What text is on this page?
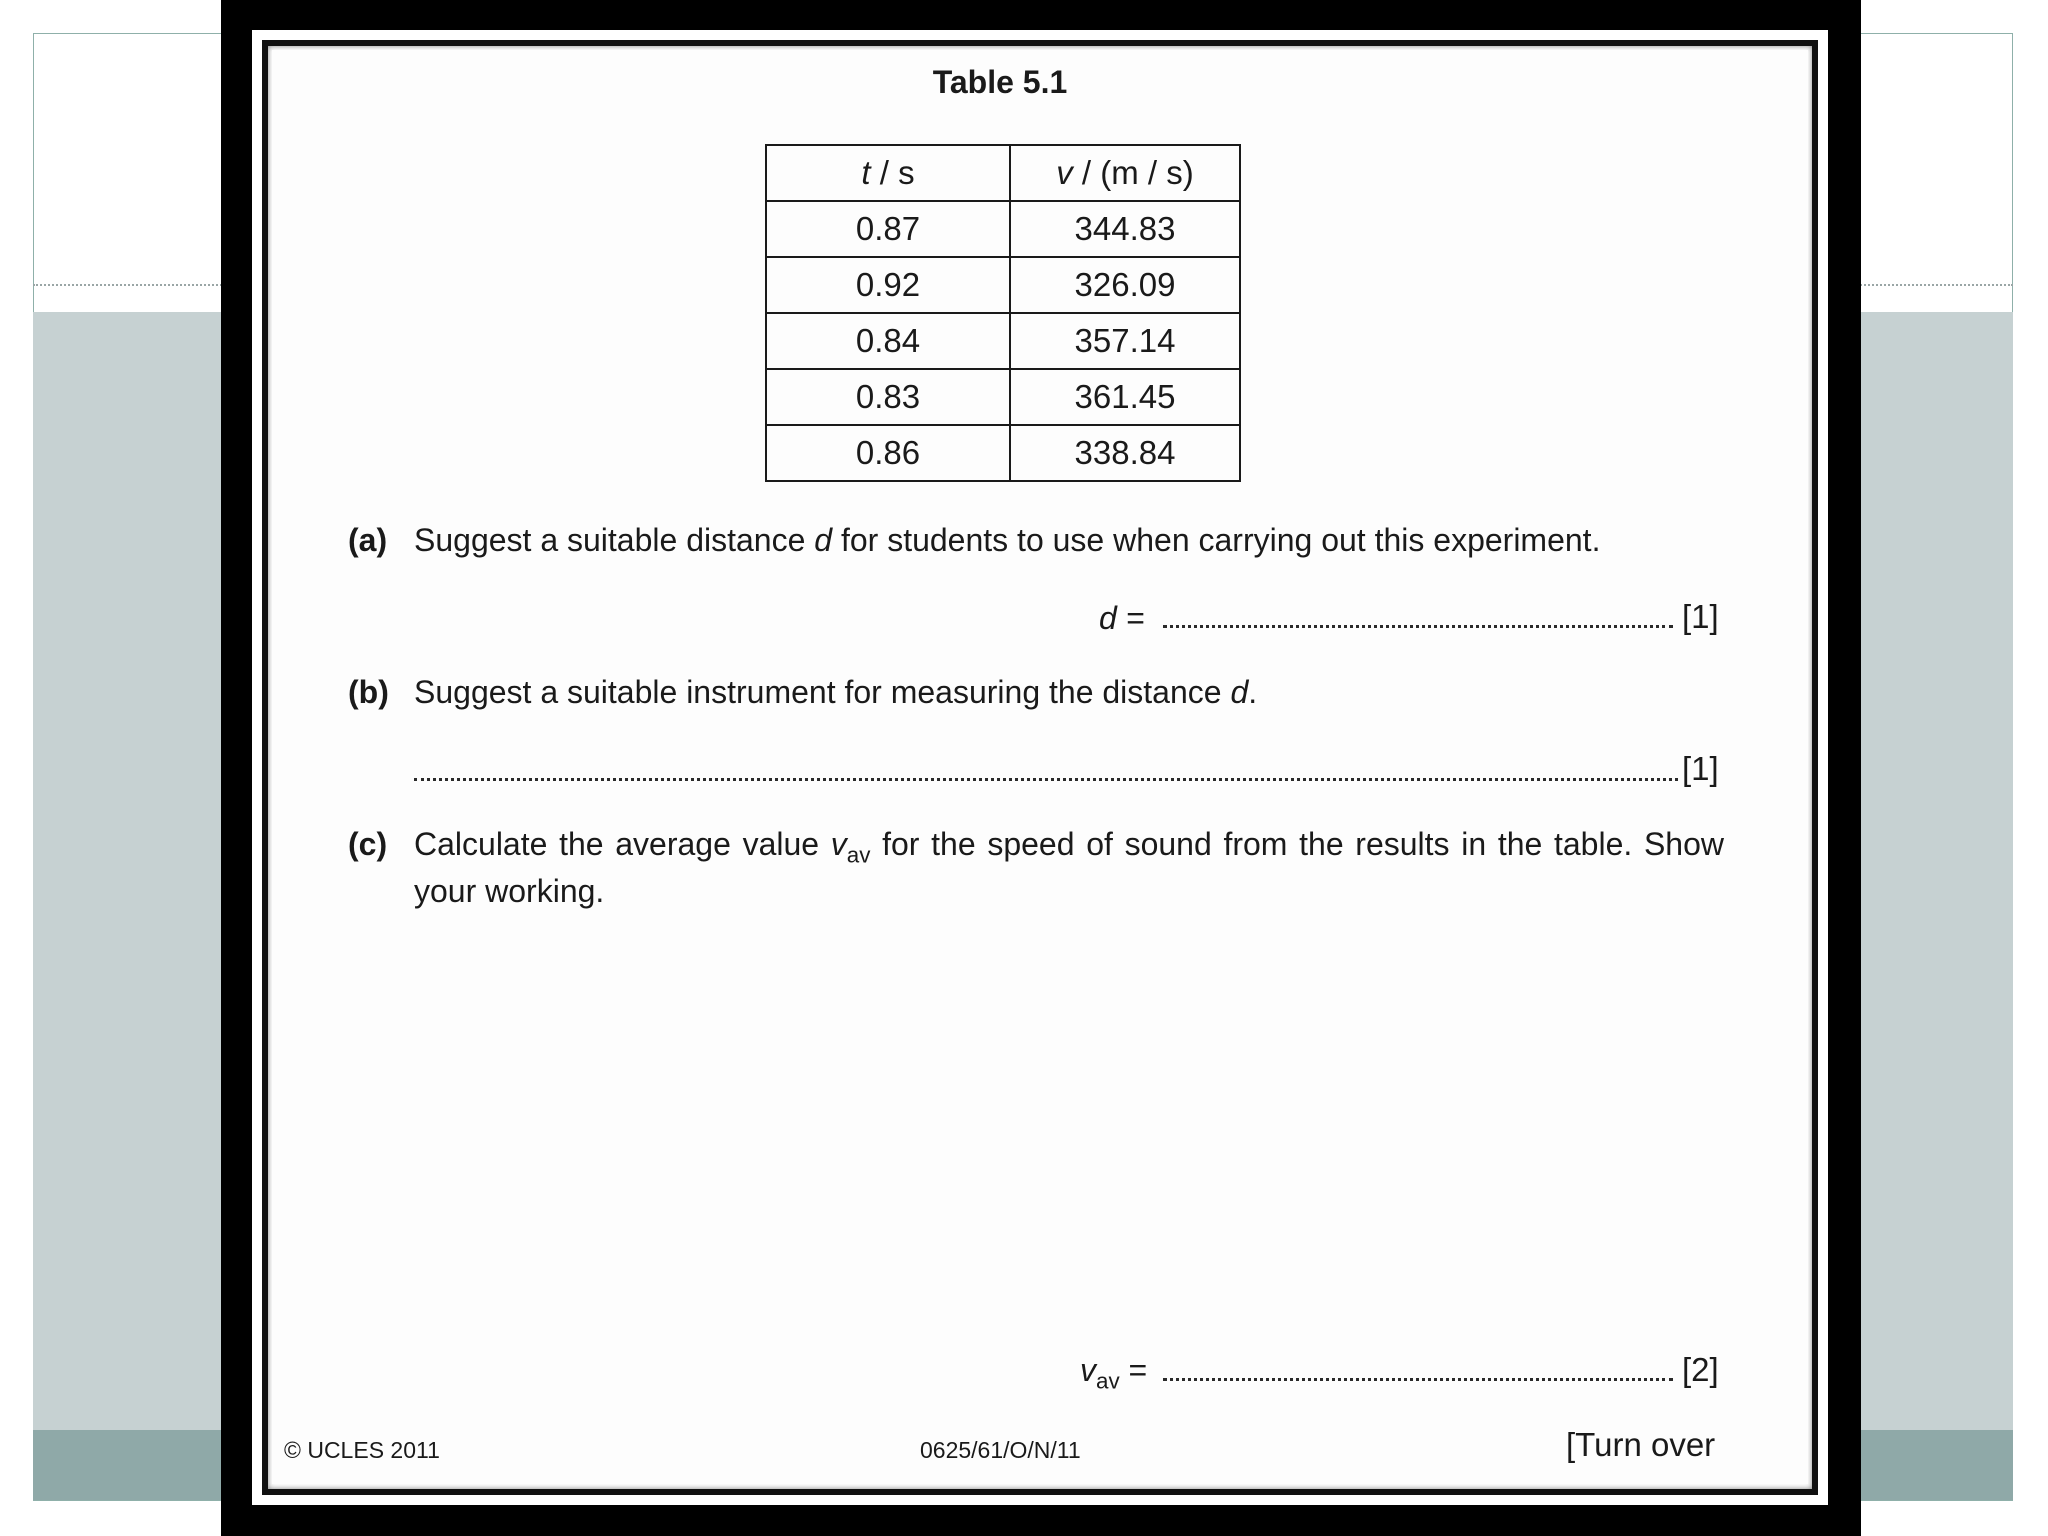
Table 5.1
t / s	v / (m / s)
0.87	344.83
0.92	326.09
0.84	357.14
0.83	361.45
0.86	338.84
(a) Suggest a suitable distance d for students to use when carrying out this experiment.
d =	[1]
(b) Suggest a suitable instrument for measuring the distance d.
[1]
(c) Calculate the average value $v_{av}$ for the speed of sound from the results in the table. Show your working.
$v_{av}$ =	[2]
© UCLES 2011	0625/61/O/N/11	[Turn over
